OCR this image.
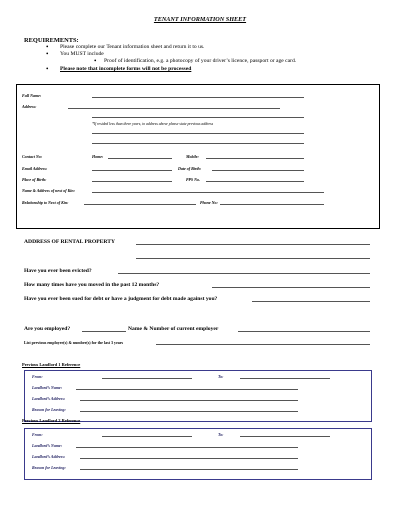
TENANT INFORMATION SHEET
REQUIREMENTS:
• Please complete our Tenant information sheet and return it to us.
• You MUST include
• Proof of identification, e.g. a photocopy of your driver’s licence, passport or age card.
• Please note that incomplete forms will not be processed
Full Name:
Address:
*If resided less than three years, to address above please state previous address
Contact No:	Home:	Mobile:
Email Address:	Date of Birth:
Place of Birth:	PPS No.
Name & Address of next of Kin:
Relationship to Next of Kin:	Phone No:
ADDRESS OF RENTAL PROPERTY
Have you ever been evicted?
How many times have you moved in the past 12 months?
Have you ever been sued for debt or have a judgment for debt made against you?
Are you employed?	Name & Number of current employer
List previous employer(s) & number(s) for the last 3 years
Previous Landlord 1 Reference
From:	To:
Landlord’s Name:
Landlord’s Address:
Reason for Leaving:
Previous Landlord 2 Reference
From:	To:
Landlord’s Name:
Landlord’s Address:
Reason for Leaving:
